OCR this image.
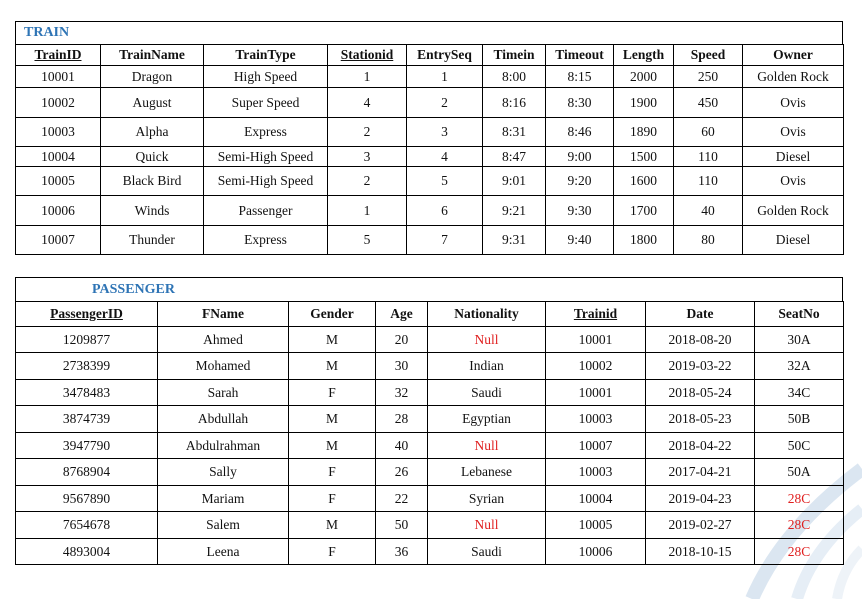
TRAIN
TrainID	TrainName	TrainType	Stationid	EntrySeq	Timein	Timeout	Length	Speed	Owner
10001	Dragon	High Speed	1	1	8:00	8:15	2000	250	Golden Rock
10002	August	Super Speed	4	2	8:16	8:30	1900	450	Ovis
10003	Alpha	Express	2	3	8:31	8:46	1890	60	Ovis
10004	Quick	Semi-High Speed	3	4	8:47	9:00	1500	110	Diesel
10005	Black Bird	Semi-High Speed	2	5	9:01	9:20	1600	110	Ovis
10006	Winds	Passenger	1	6	9:21	9:30	1700	40	Golden Rock
10007	Thunder	Express	5	7	9:31	9:40	1800	80	Diesel
PASSENGER
PassengerID	FName	Gender	Age	Nationality	Trainid	Date	SeatNo
1209877	Ahmed	M	20	Null	10001	2018-08-20	30A
2738399	Mohamed	M	30	Indian	10002	2019-03-22	32A
3478483	Sarah	F	32	Saudi	10001	2018-05-24	34C
3874739	Abdullah	M	28	Egyptian	10003	2018-05-23	50B
3947790	Abdulrahman	M	40	Null	10007	2018-04-22	50C
8768904	Sally	F	26	Lebanese	10003	2017-04-21	50A
9567890	Mariam	F	22	Syrian	10004	2019-04-23	28C
7654678	Salem	M	50	Null	10005	2019-02-27	28C
4893004	Leena	F	36	Saudi	10006	2018-10-15	28C
